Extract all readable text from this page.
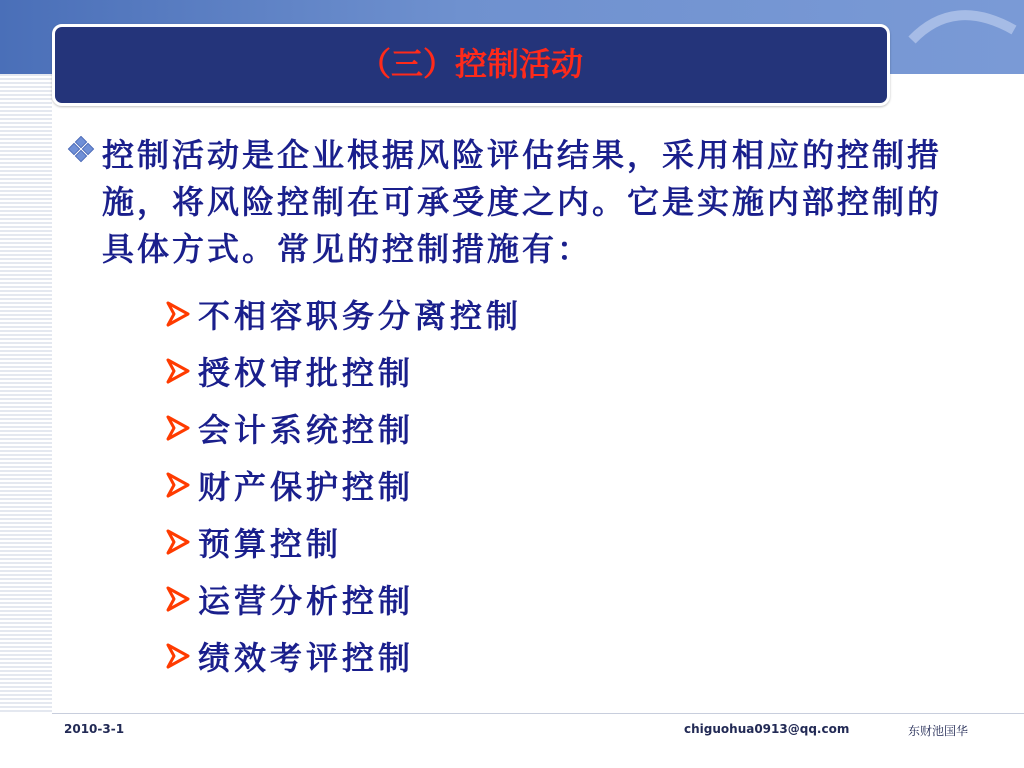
（三）控制活动
控制活动是企业根据风险评估结果，采用相应的控制措施，将风险控制在可承受度之内。它是实施内部控制的具体方式。常见的控制措施有：
不相容职务分离控制
授权审批控制
会计系统控制
财产保护控制
预算控制
运营分析控制
绩效考评控制
2010-3-1	chiguohua0913@qq.com	东财池国华
